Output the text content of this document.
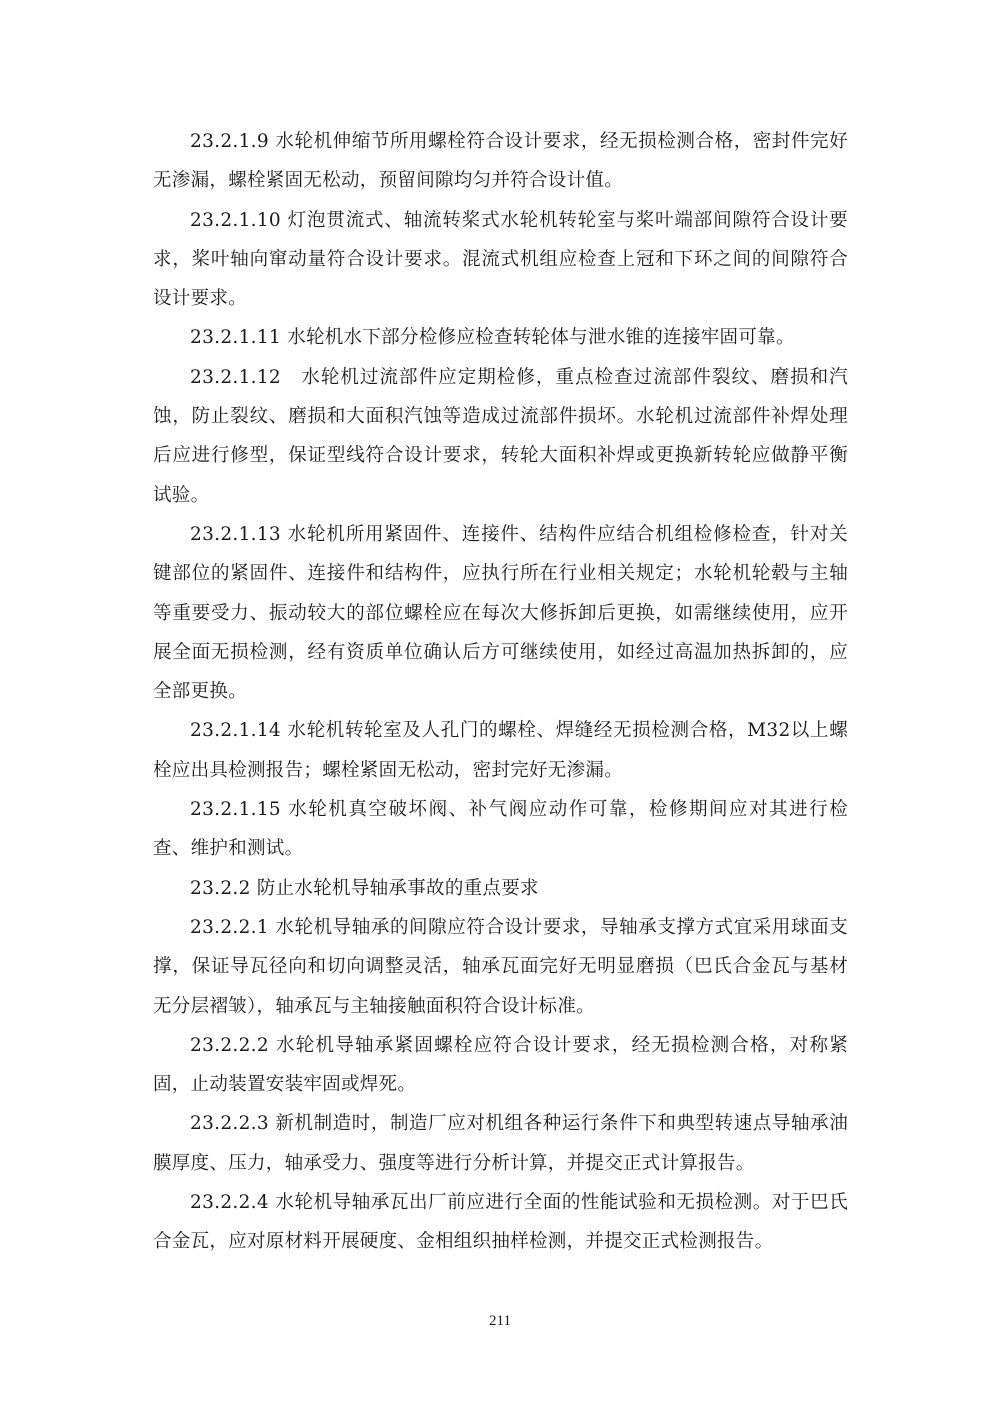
23.2.1.9 水轮机伸缩节所用螺栓符合设计要求，经无损检测合格，密封件完好无渗漏，螺栓紧固无松动，预留间隙均匀并符合设计值。

23.2.1.10 灯泡贯流式、轴流转桨式水轮机转轮室与桨叶端部间隙符合设计要求，桨叶轴向窜动量符合设计要求。混流式机组应检查上冠和下环之间的间隙符合设计要求。

23.2.1.11 水轮机水下部分检修应检查转轮体与泄水锥的连接牢固可靠。

23.2.1.12　水轮机过流部件应定期检修，重点检查过流部件裂纹、磨损和汽蚀，防止裂纹、磨损和大面积汽蚀等造成过流部件损坏。水轮机过流部件补焊处理后应进行修型，保证型线符合设计要求，转轮大面积补焊或更换新转轮应做静平衡试验。

23.2.1.13 水轮机所用紧固件、连接件、结构件应结合机组检修检查，针对关键部位的紧固件、连接件和结构件，应执行所在行业相关规定；水轮机轮毂与主轴等重要受力、振动较大的部位螺栓应在每次大修拆卸后更换，如需继续使用，应开展全面无损检测，经有资质单位确认后方可继续使用，如经过高温加热拆卸的，应全部更换。

23.2.1.14 水轮机转轮室及人孔门的螺栓、焊缝经无损检测合格，M32以上螺栓应出具检测报告；螺栓紧固无松动，密封完好无渗漏。

23.2.1.15 水轮机真空破坏阀、补气阀应动作可靠，检修期间应对其进行检查、维护和测试。

23.2.2 防止水轮机导轴承事故的重点要求

23.2.2.1 水轮机导轴承的间隙应符合设计要求，导轴承支撑方式宜采用球面支撑，保证导瓦径向和切向调整灵活，轴承瓦面完好无明显磨损（巴氏合金瓦与基材无分层褶皱），轴承瓦与主轴接触面积符合设计标准。

23.2.2.2 水轮机导轴承紧固螺栓应符合设计要求，经无损检测合格，对称紧固，止动装置安装牢固或焊死。

23.2.2.3 新机制造时，制造厂应对机组各种运行条件下和典型转速点导轴承油膜厚度、压力，轴承受力、强度等进行分析计算，并提交正式计算报告。

23.2.2.4 水轮机导轴承瓦出厂前应进行全面的性能试验和无损检测。对于巴氏合金瓦，应对原材料开展硬度、金相组织抽样检测，并提交正式检测报告。

211
